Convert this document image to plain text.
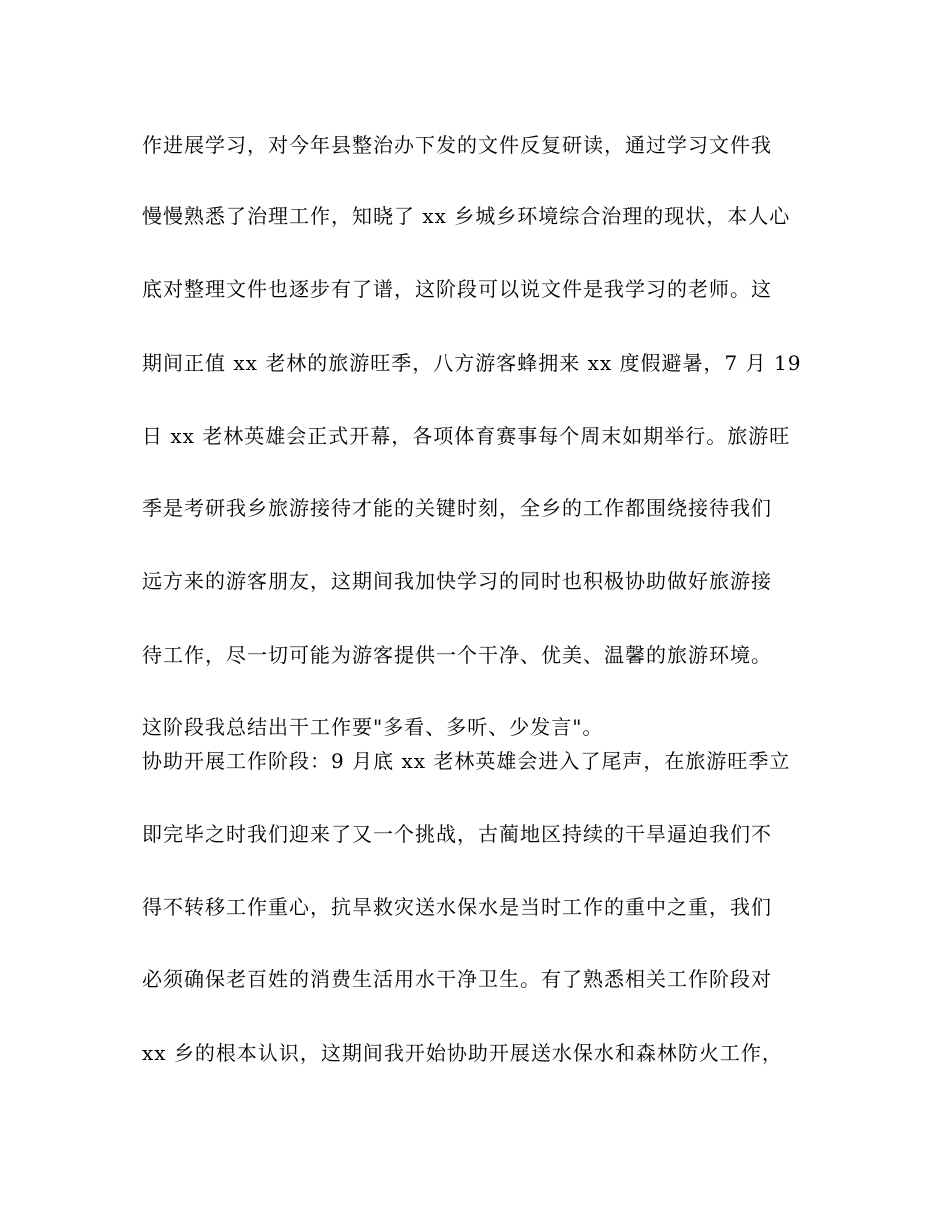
作进展学习，对今年县整治办下发的文件反复研读，通过学习文件我
慢慢熟悉了治理工作，知晓了 xx 乡城乡环境综合治理的现状，本人心
底对整理文件也逐步有了谱，这阶段可以说文件是我学习的老师。这
期间正值 xx 老林的旅游旺季，八方游客蜂拥来 xx 度假避暑，7 月 19
日 xx 老林英雄会正式开幕，各项体育赛事每个周末如期举行。旅游旺
季是考研我乡旅游接待才能的关键时刻，全乡的工作都围绕接待我们
远方来的游客朋友，这期间我加快学习的同时也积极协助做好旅游接
待工作，尽一切可能为游客提供一个干净、优美、温馨的旅游环境。
这阶段我总结出干工作要"多看、多听、少发言"。
协助开展工作阶段：9 月底 xx 老林英雄会进入了尾声，在旅游旺季立
即完毕之时我们迎来了又一个挑战，古蔺地区持续的干旱逼迫我们不
得不转移工作重心，抗旱救灾送水保水是当时工作的重中之重，我们
必须确保老百姓的消费生活用水干净卫生。有了熟悉相关工作阶段对
xx 乡的根本认识，这期间我开始协助开展送水保水和森林防火工作，
